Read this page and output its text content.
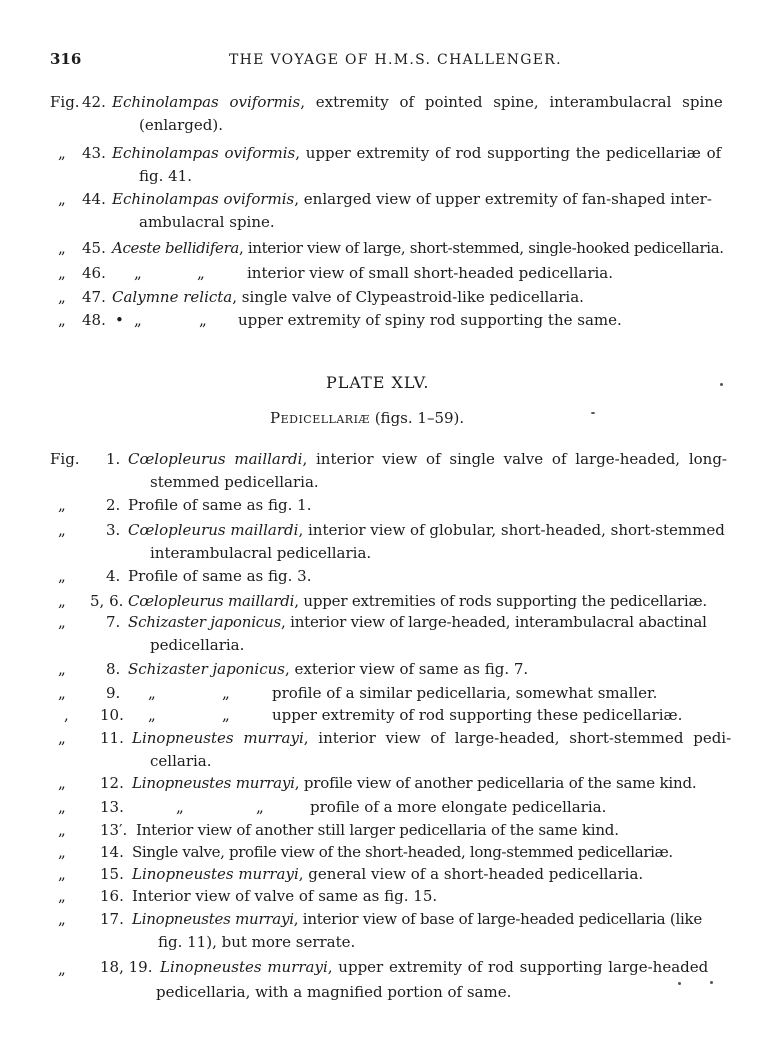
316	THE VOYAGE OF H.M.S. CHALLENGER.
Fig. 42. Echinolampas oviformis, extremity of pointed spine, interambulacral spine
(enlarged).
„ 43. Echinolampas oviformis, upper extremity of rod supporting the pedicellariæ of
fig. 41.
„ 44. Echinolampas oviformis, enlarged view of upper extremity of fan-shaped inter-
ambulacral spine.
„ 45. Aceste bellidifera, interior view of large, short-stemmed, single-hooked pedicellaria.
„ 46. „	„	interior view of small short-headed pedicellaria.
„ 47. Calymne relicta, single valve of Clypeastroid-like pedicellaria.
„ 48. • „	„ upper extremity of spiny rod supporting the same.
PLATE XLV.
Pedicellariæ (figs. 1–59).
Fig. 1. Cœlopleurus maillardi, interior view of single valve of large-headed, long-
stemmed pedicellaria.
„	2. Profile of same as fig. 1.
„	3. Cœlopleurus maillardi, interior view of globular, short-headed, short-stemmed
interambulacral pedicellaria.
„	4. Profile of same as fig. 3.
„ 5, 6. Cœlopleurus maillardi, upper extremities of rods supporting the pedicellariæ.
„	7. Schizaster japonicus, interior view of large-headed, interambulacral abactinal
pedicellaria.
„	8. Schizaster japonicus, exterior view of same as fig. 7.
„	9. „	„	profile of a similar pedicellaria, somewhat smaller.
, 10. „	„	upper extremity of rod supporting these pedicellariæ.
„ 11. Linopneustes murrayi, interior view of large-headed, short-stemmed pedi-
cellaria.
„ 12. Linopneustes murrayi, profile view of another pedicellaria of the same kind.
„ 13.	„	„	profile of a more elongate pedicellaria.
„ 13′. Interior view of another still larger pedicellaria of the same kind.
„ 14. Single valve, profile view of the short-headed, long-stemmed pedicellariæ.
„ 15. Linopneustes murrayi, general view of a short-headed pedicellaria.
„ 16. Interior view of valve of same as fig. 15.
„ 17. Linopneustes murrayi, interior view of base of large-headed pedicellaria (like
fig. 11), but more serrate.
„ 18, 19. Linopneustes murrayi, upper extremity of rod supporting large-headed
pedicellaria, with a magnified portion of same.
